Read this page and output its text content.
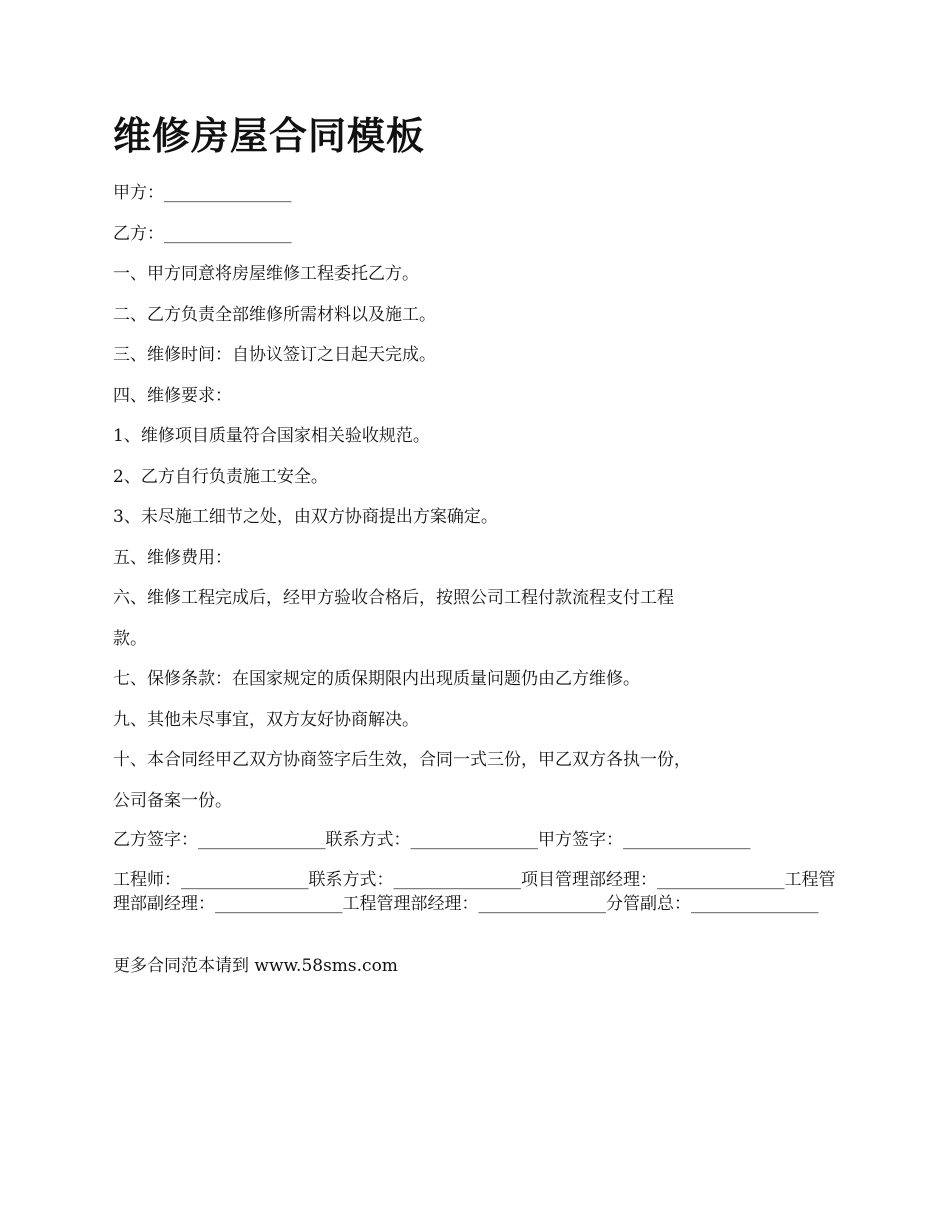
维修房屋合同模板

甲方：_______________

乙方：_______________

一、甲方同意将房屋维修工程委托乙方。

二、乙方负责全部维修所需材料以及施工。

三、维修时间：自协议签订之日起天完成。

四、维修要求：

1、维修项目质量符合国家相关验收规范。

2、乙方自行负责施工安全。

3、未尽施工细节之处，由双方协商提出方案确定。

五、维修费用：

六、维修工程完成后，经甲方验收合格后，按照公司工程付款流程支付工程

款。

七、保修条款：在国家规定的质保期限内出现质量问题仍由乙方维修。

九、其他未尽事宜，双方友好协商解决。

十、本合同经甲乙双方协商签字后生效，合同一式三份，甲乙双方各执一份，

公司备案一份。

乙方签字：_______________联系方式：_______________甲方签字：_______________

工程师：_______________联系方式：_______________项目管理部经理：_______________工程管理部副经理：_______________工程管理部经理：_______________分管副总：_______________

更多合同范本请到 www.58sms.com
